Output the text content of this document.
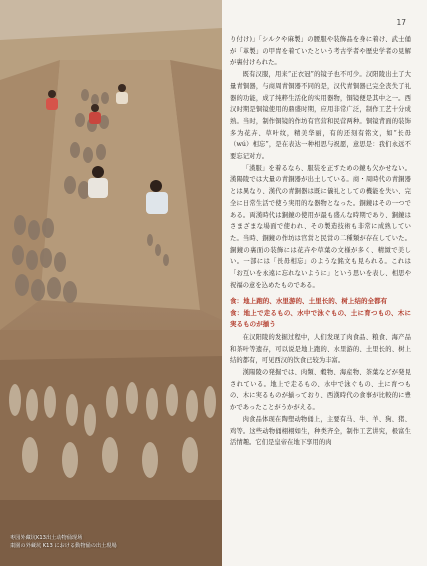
枣园外藏坑K13出土动物俑现场
棗園の外蔵坑 K13 における動物俑の出土現場
17

り付け)」「シルクや麻製」の腰服や装飾品を身に着け、武士俑が「革製」の甲冑を着ていたという考古学者や歴史学者の見解が裏付けられた。

既有汉服，用来“正衣冠”的镜子也不可少。汉阳陵出土了大量青铜器，与商周青铜器不同的是，汉代青铜器已完全丧失了礼器的功能，成了纯粹生活化的实用器物，铜镜便是其中之一。西汉时期是铜镜使用的鼎盛时期，应用非常广泛，制作工艺十分成熟。当时，制作铜镜的作坊有官营和民营两种。铜镜背面的装饰多为花卉、草叶纹，精美华丽，有的还刻有铭文，如“长毋（wú）相忘”，是在表达一种相思与祝愿，意思是：我们永远不要忘记对方。

「漢服」を着るなら、服装を正すための鏡も欠かせない。漢陽陵では大量の青銅器が出土している。商・周時代の青銅器とは異なり、漢代の青銅器は既に儀礼としての機能を失い、完全に日常生活で使う実用的な器物となった。銅鏡はその一つである。両漢時代は銅鏡の使用が最も盛んな時期であり、銅鏡はさまざまな場面で使われ、その製造技術も非常に成熟していた。当時、銅鏡の作坊は官営と民営の二種類が存在していた。銅鏡の裏面の装飾には花卉や草葉の文様が多く、精緻で美しい。一部には「長毋相忘」のような銘文も見られる。これは「お互いを永遠に忘れないように」という思いを表し、相思や祝福の意を込めたものである。

食：地上跑的、水里游的、土里长的、树上结的全都有
食：地上で走るもの、水中で泳ぐもの、土に育つもの、木に実るものが揃う

在汉阳陵的发掘过程中，人们发现了肉食品、粮食、海产品和茶叶等遗存，可以说是地上跑的、水里游的、土里长的、树上结的都有，可见西汉的饮食已较为丰富。

漢陽陵の発掘では、肉類、穀物、海産物、茶葉などが発見されている。地上で走るもの、水中で泳ぐもの、土に育つもの、木に実るものが揃っており、西漢時代の食事が比較的に豊かであったことがうかがえる。

肉食品体现在陶塑动物俑上，主要有马、牛、羊、狗、猪、鸡等。这些动物俑栩栩如生，种类齐全，制作工艺讲究，极富生活情趣。它们是皇帝在地下享用的肉
